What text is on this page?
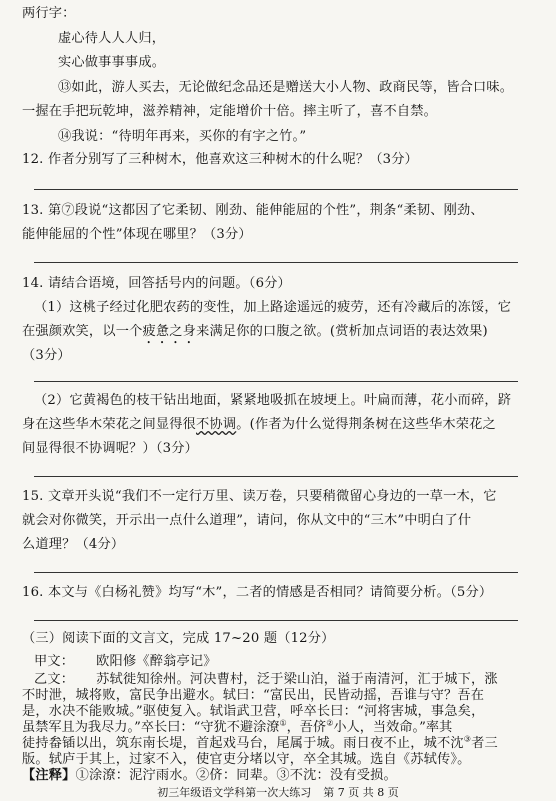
两行字：
虚心待人人人归，
实心做事事事成。
⑬如此，游人买去，无论做纪念品还是赠送大小人物、政商民等，皆合口味。
一握在手把玩乾坤，滋养精神，定能增价十倍。摔主听了，喜不自禁。
⑭我说：“待明年再来，买你的有字之竹。”
12. 作者分别写了三种树木，他喜欢这三种树木的什么呢？（3分）
13. 第⑦段说“这都因了它柔韧、刚劲、能伸能屈的个性”，荆条“柔韧、刚劲、
能伸能屈的个性”体现在哪里？（3分）
14. 请结合语境，回答括号内的问题。（6分）
（1）这桃子经过化肥农药的变性，加上路途遥远的疲劳，还有冷藏后的冻馁，它
在强颜欢笑，以一个疲惫之身来满足你的口腹之欲。(赏析加点词语的表达效果)
（3分）
（2）它黄褐色的枝干钻出地面，紧紧地吸抓在坡埂上。叶扁而薄，花小而碎，跻
身在这些华木荣花之间显得很不协调。(作者为什么觉得荆条树在这些华木荣花之
间显得很不协调呢？）（3分）
15. 文章开头说“我们不一定行万里、读万卷，只要稍微留心身边的一草一木，它
就会对你微笑，开示出一点什么道理”，请问，你从文中的“三木”中明白了什
么道理？（4分）
16. 本文与《白杨礼赞》均写“木”，二者的情感是否相同？请简要分析。（5分）
（三）阅读下面的文言文，完成 17~20 题（12分）
甲文： 欧阳修《醉翁亭记》
乙文： 苏轼徙知徐州。河决曹村，泛于梁山泊，溢于南清河，汇于城下，涨
不时泄，城将败，富民争出避水。轼曰：“富民出，民皆动摇，吾谁与守？吾在
是，水决不能败城。”驱使复入。轼诣武卫营，呼卒长曰：“河将害城，事急矣，
虽禁军且为我尽力。”卒长曰：“守犹不避涂潦①，吾侪②小人，当效命。”率其
初三年级语文学科第一次大练习 第 7 页 共 8 页
徒持畚锸以出，筑东南长堤，首起戏马台，尾属于城。雨日夜不止，城不沈③者三
版。轼庐于其上，过家不入，使官吏分堵以守，卒全其城。选自《苏轼传》。
【注释】①涂潦：泥泞雨水。②侪：同辈。③不沈：没有受损。
